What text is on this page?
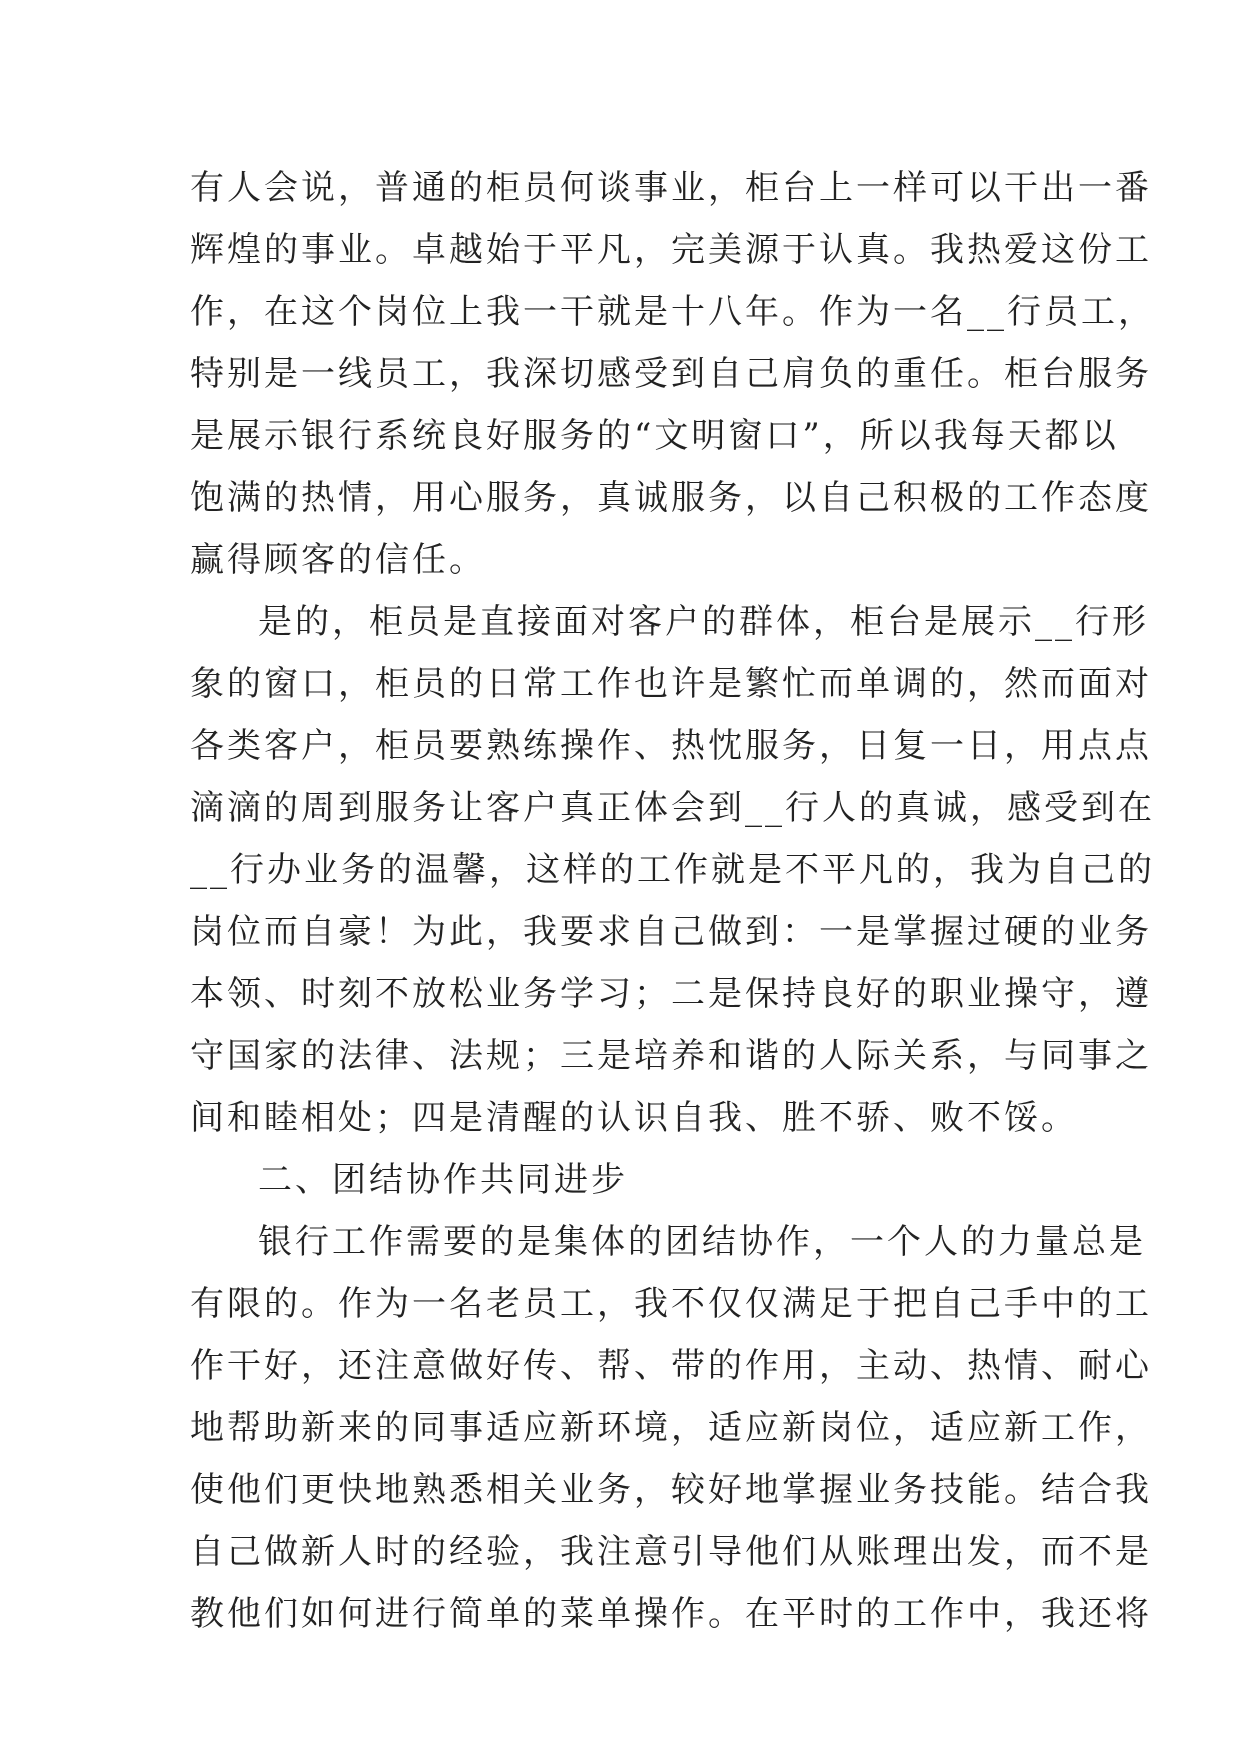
有人会说，普通的柜员何谈事业，柜台上一样可以干出一番
辉煌的事业。卓越始于平凡，完美源于认真。我热爱这份工
作，在这个岗位上我一干就是十八年。作为一名__行员工，
特别是一线员工，我深切感受到自己肩负的重任。柜台服务
是展示银行系统良好服务的“文明窗口”，所以我每天都以
饱满的热情，用心服务，真诚服务，以自己积极的工作态度
赢得顾客的信任。
是的，柜员是直接面对客户的群体，柜台是展示__行形
象的窗口，柜员的日常工作也许是繁忙而单调的，然而面对
各类客户，柜员要熟练操作、热忱服务，日复一日，用点点
滴滴的周到服务让客户真正体会到__行人的真诚，感受到在
__行办业务的温馨，这样的工作就是不平凡的，我为自己的
岗位而自豪！为此，我要求自己做到：一是掌握过硬的业务
本领、时刻不放松业务学习；二是保持良好的职业操守，遵
守国家的法律、法规；三是培养和谐的人际关系，与同事之
间和睦相处；四是清醒的认识自我、胜不骄、败不馁。
二、团结协作共同进步
银行工作需要的是集体的团结协作，一个人的力量总是
有限的。作为一名老员工，我不仅仅满足于把自己手中的工
作干好，还注意做好传、帮、带的作用，主动、热情、耐心
地帮助新来的同事适应新环境，适应新岗位，适应新工作，
使他们更快地熟悉相关业务，较好地掌握业务技能。结合我
自己做新人时的经验，我注意引导他们从账理出发，而不是
教他们如何进行简单的菜单操作。在平时的工作中，我还将
